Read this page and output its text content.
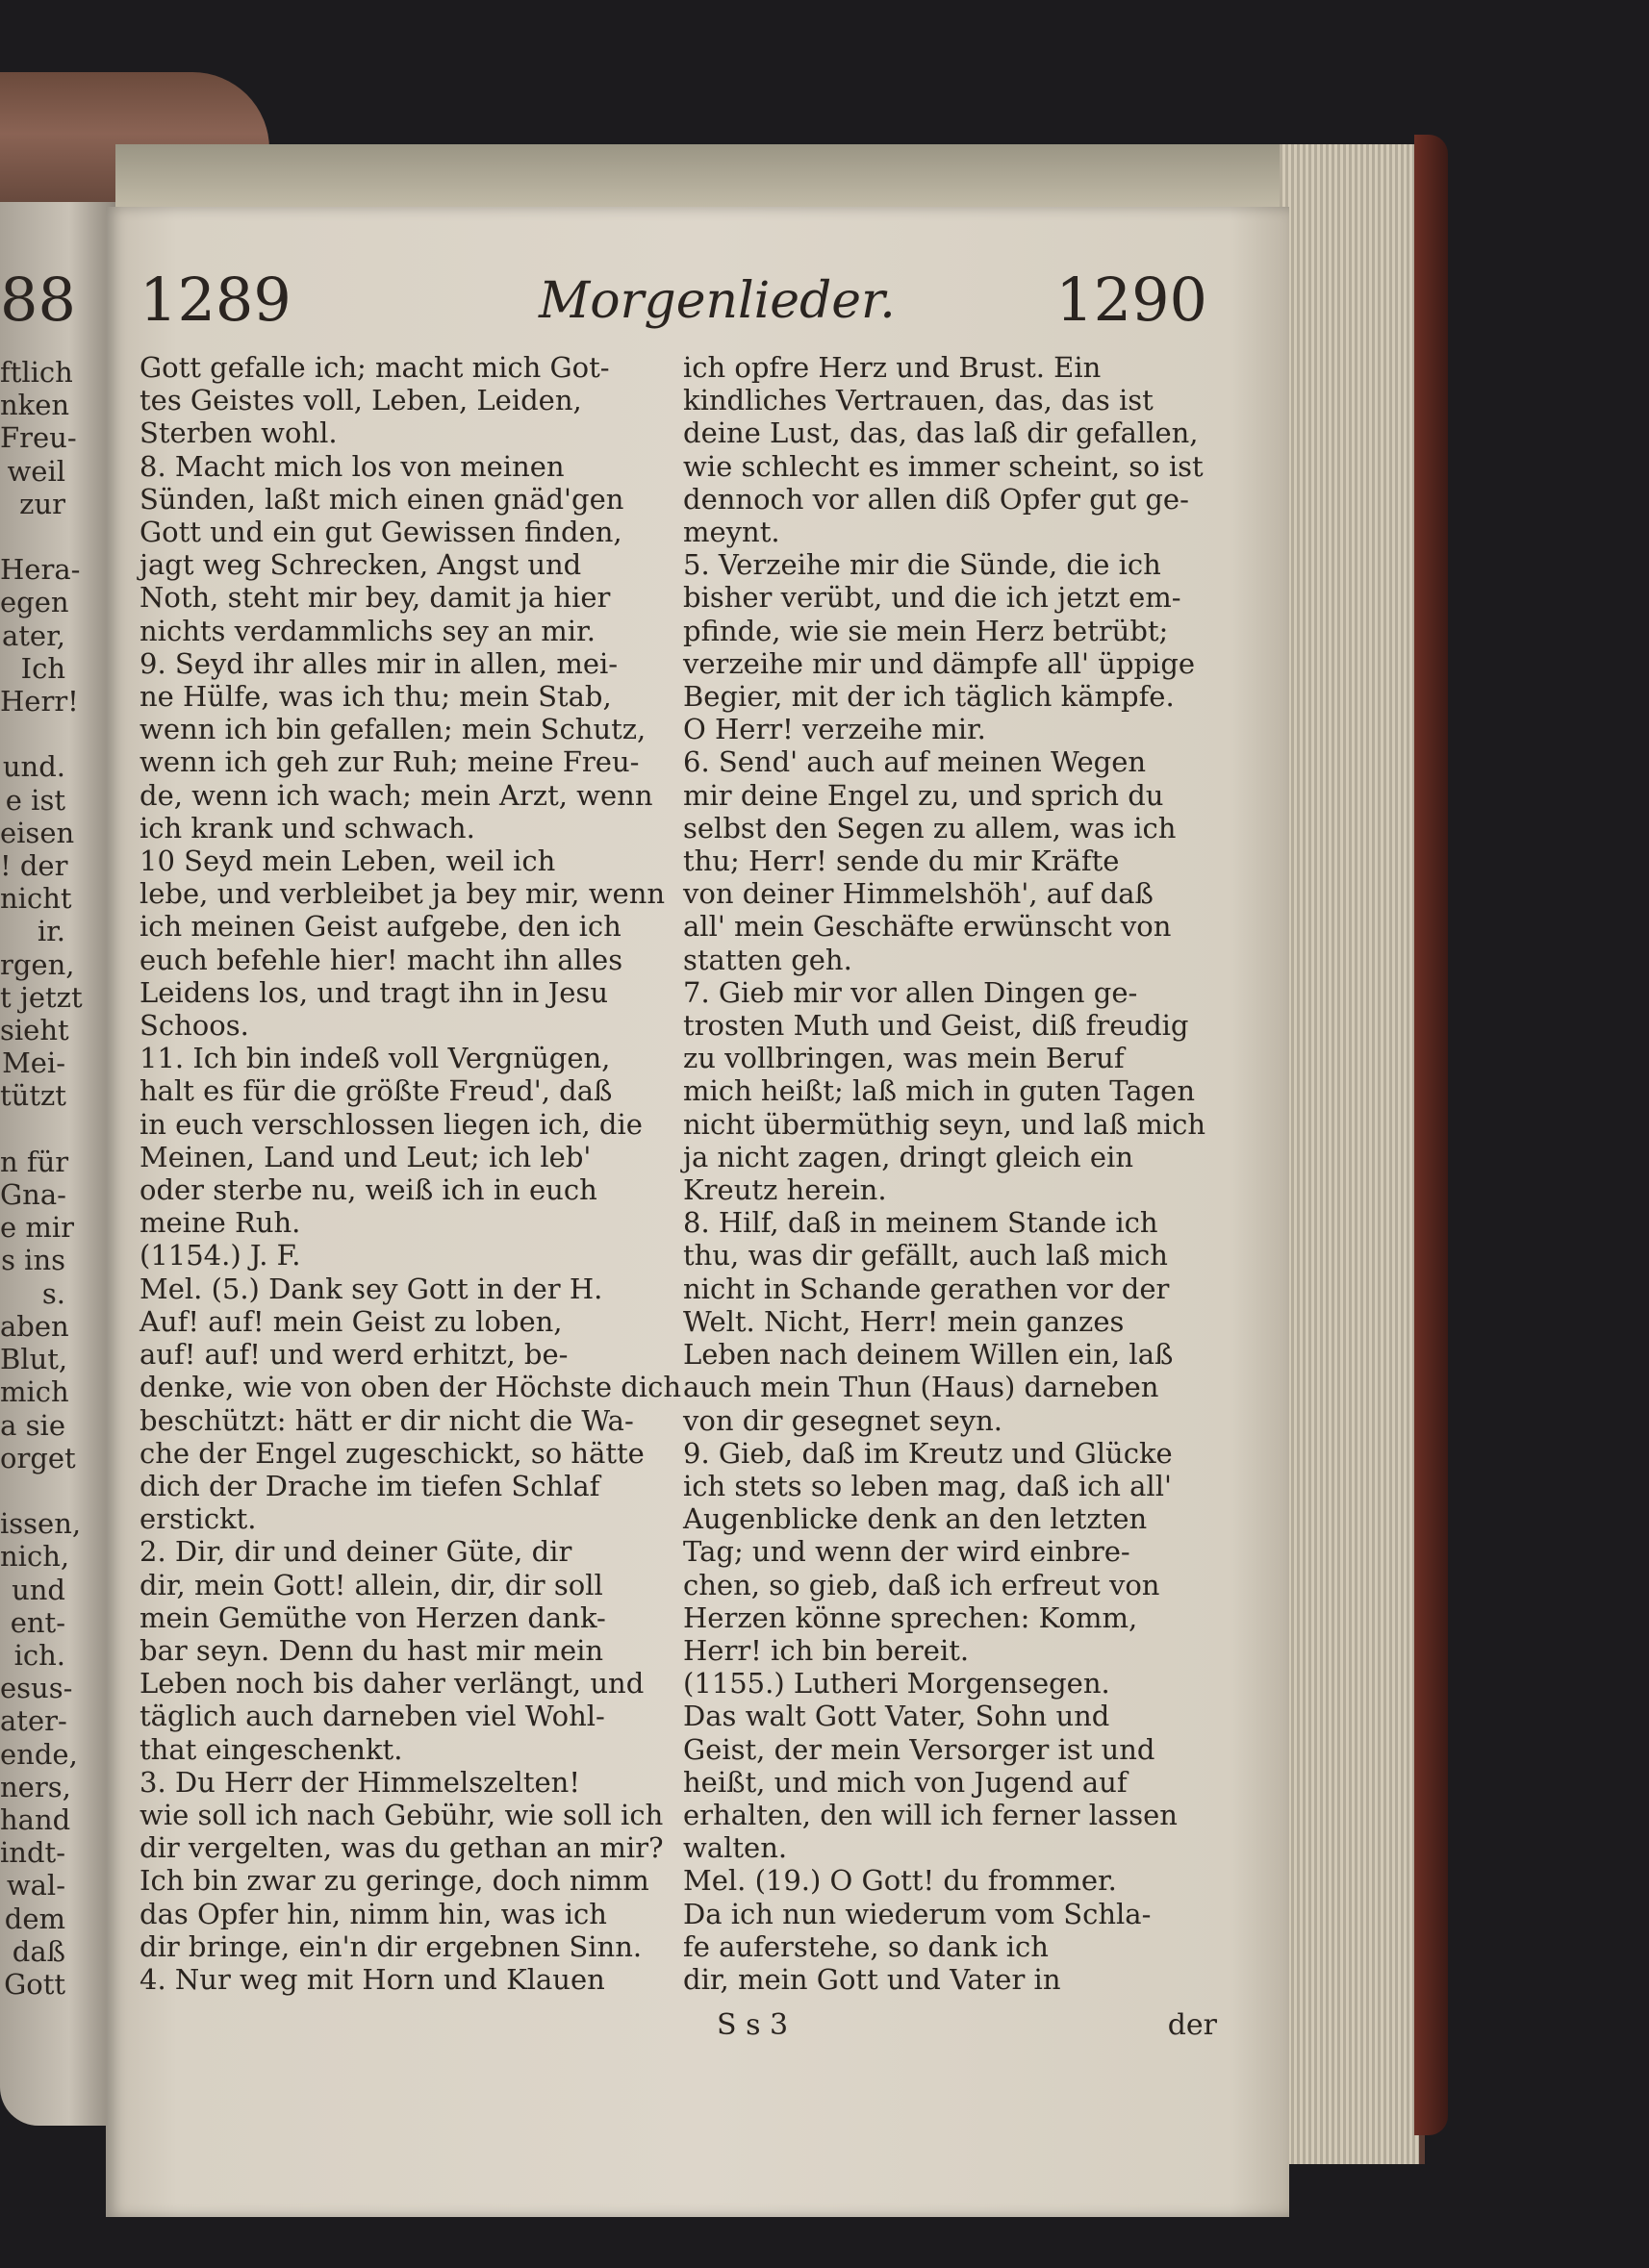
88
ftlich
nken
Freu-
weil
zur

Hera-
egen
ater,
Ich
Herr!

und.
e ist
eisen
! der
nicht
ir.
rgen,
t jetzt
sieht
Mei-
tützt

n für
Gna-
e mir
s ins
s.
aben
Blut,
mich
a sie
orget

issen,
nich,
und
ent-
ich.
esus-
ater-
ende,
ners,
hand
indt-
wal-
dem
daß
Gott
1289	Morgenlieder.	1290
Gott gefalle ich; macht mich Got-
tes Geistes voll, Leben, Leiden,
Sterben wohl.
8. Macht mich los von meinen
Sünden, laßt mich einen gnäd'gen
Gott und ein gut Gewissen finden,
jagt weg Schrecken, Angst und
Noth, steht mir bey, damit ja hier
nichts verdammlichs sey an mir.
9. Seyd ihr alles mir in allen, mei-
ne Hülfe, was ich thu; mein Stab,
wenn ich bin gefallen; mein Schutz,
wenn ich geh zur Ruh; meine Freu-
de, wenn ich wach; mein Arzt, wenn
ich krank und schwach.
10 Seyd mein Leben, weil ich
lebe, und verbleibet ja bey mir, wenn
ich meinen Geist aufgebe, den ich
euch befehle hier! macht ihn alles
Leidens los, und tragt ihn in Jesu
Schoos.
11. Ich bin indeß voll Vergnügen,
halt es für die größte Freud', daß
in euch verschlossen liegen ich, die
Meinen, Land und Leut; ich leb'
oder sterbe nu, weiß ich in euch
meine Ruh.
(1154.) J. F.
Mel. (5.) Dank sey Gott in der H.
Auf! auf! mein Geist zu loben,
auf! auf! und werd erhitzt, be-
denke, wie von oben der Höchste dich
beschützt: hätt er dir nicht die Wa-
che der Engel zugeschickt, so hätte
dich der Drache im tiefen Schlaf
erstickt.
2. Dir, dir und deiner Güte, dir
dir, mein Gott! allein, dir, dir soll
mein Gemüthe von Herzen dank-
bar seyn. Denn du hast mir mein
Leben noch bis daher verlängt, und
täglich auch darneben viel Wohl-
that eingeschenkt.
3. Du Herr der Himmelszelten!
wie soll ich nach Gebühr, wie soll ich
dir vergelten, was du gethan an mir?
Ich bin zwar zu geringe, doch nimm
das Opfer hin, nimm hin, was ich
dir bringe, ein'n dir ergebnen Sinn.
4. Nur weg mit Horn und Klauen
ich opfre Herz und Brust. Ein
kindliches Vertrauen, das, das ist
deine Lust, das, das laß dir gefallen,
wie schlecht es immer scheint, so ist
dennoch vor allen diß Opfer gut ge-
meynt.
5. Verzeihe mir die Sünde, die ich
bisher verübt, und die ich jetzt em-
pfinde, wie sie mein Herz betrübt;
verzeihe mir und dämpfe all' üppige
Begier, mit der ich täglich kämpfe.
O Herr! verzeihe mir.
6. Send' auch auf meinen Wegen
mir deine Engel zu, und sprich du
selbst den Segen zu allem, was ich
thu; Herr! sende du mir Kräfte
von deiner Himmelshöh', auf daß
all' mein Geschäfte erwünscht von
statten geh.
7. Gieb mir vor allen Dingen ge-
trosten Muth und Geist, diß freudig
zu vollbringen, was mein Beruf
mich heißt; laß mich in guten Tagen
nicht übermüthig seyn, und laß mich
ja nicht zagen, dringt gleich ein
Kreutz herein.
8. Hilf, daß in meinem Stande ich
thu, was dir gefällt, auch laß mich
nicht in Schande gerathen vor der
Welt. Nicht, Herr! mein ganzes
Leben nach deinem Willen ein, laß
auch mein Thun (Haus) darneben
von dir gesegnet seyn.
9. Gieb, daß im Kreutz und Glücke
ich stets so leben mag, daß ich all'
Augenblicke denk an den letzten
Tag; und wenn der wird einbre-
chen, so gieb, daß ich erfreut von
Herzen könne sprechen: Komm,
Herr! ich bin bereit.
(1155.) Lutheri Morgensegen.
Das walt Gott Vater, Sohn und
Geist, der mein Versorger ist und
heißt, und mich von Jugend auf
erhalten, den will ich ferner lassen
walten.
Mel. (19.) O Gott! du frommer.
Da ich nun wiederum vom Schla-
fe auferstehe, so dank ich
dir, mein Gott und Vater in
S s 3	der
